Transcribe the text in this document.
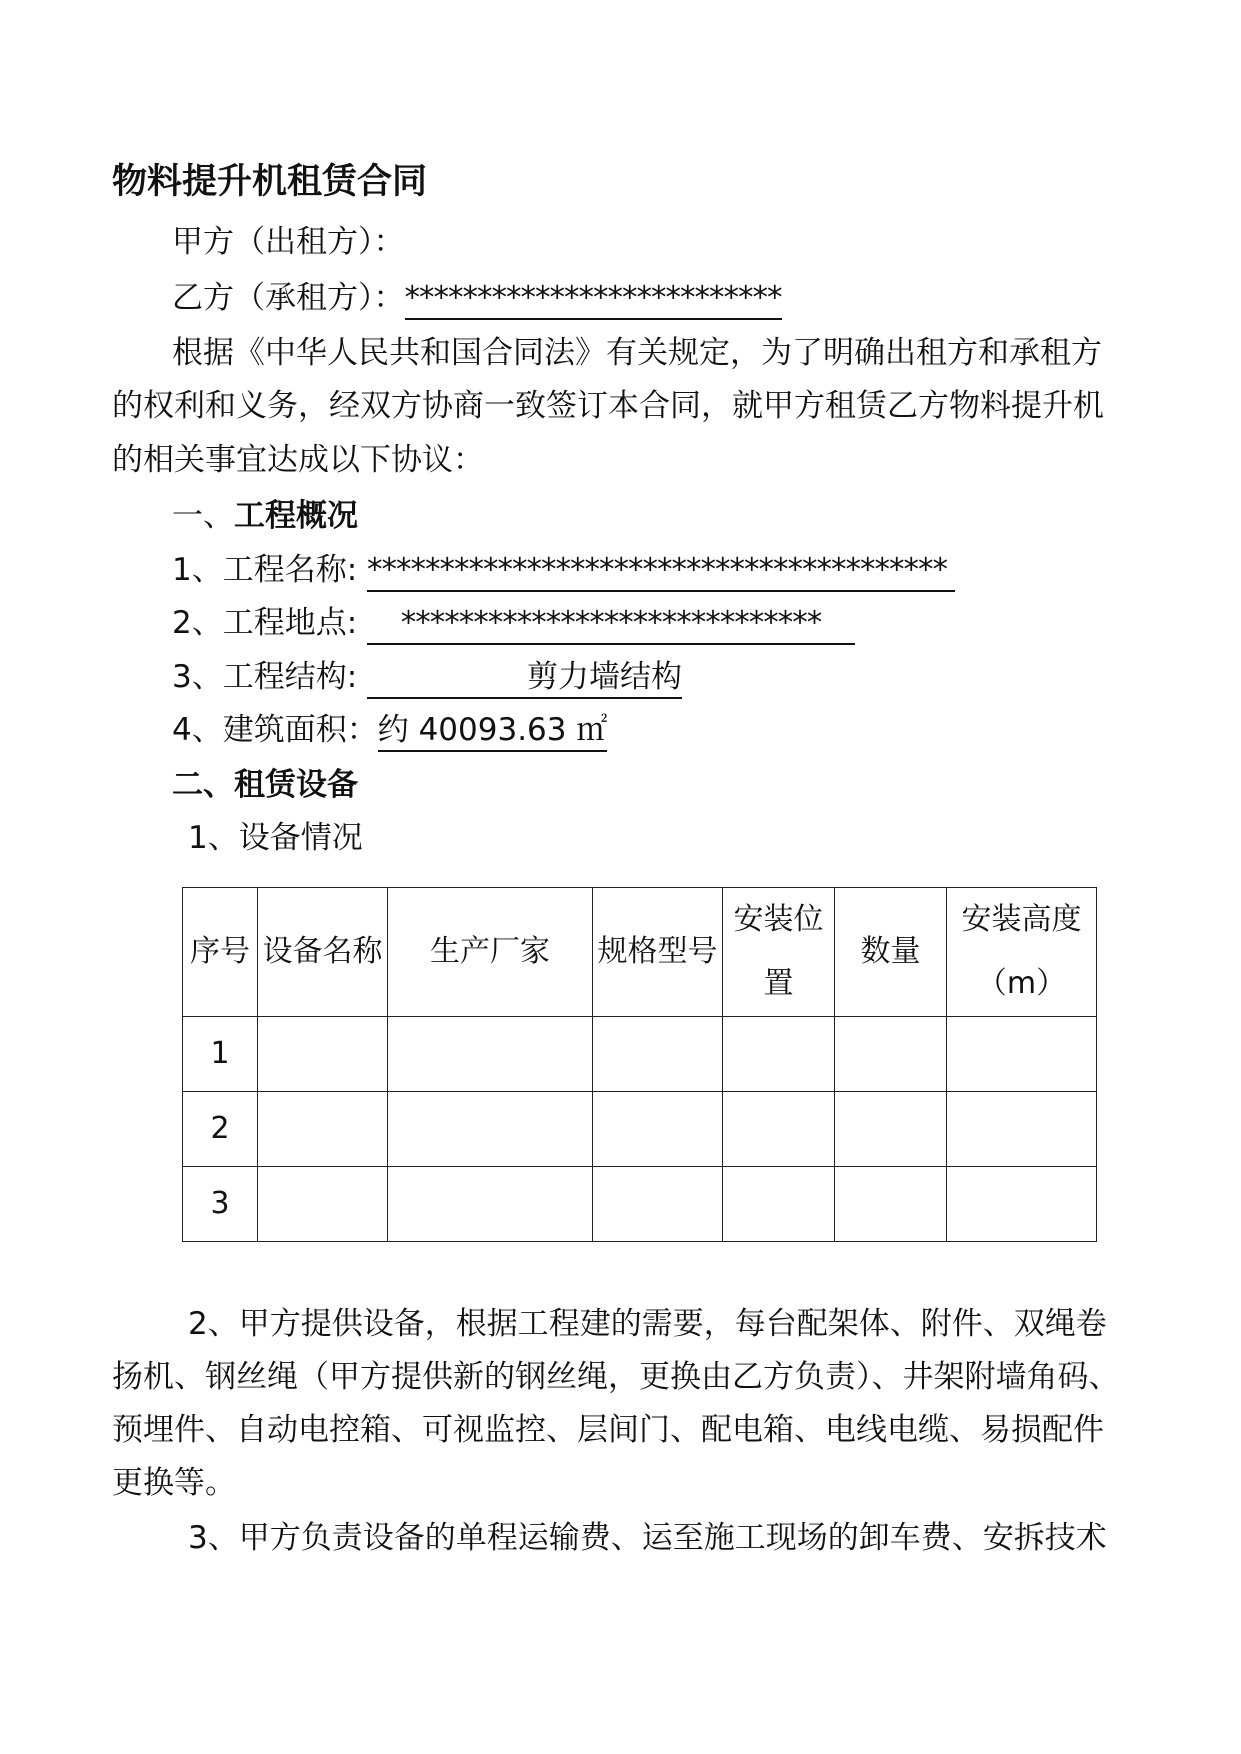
物料提升机租赁合同
甲方（出租方）：
乙方（承租方）：**************************
根据《中华人民共和国合同法》有关规定，为了明确出租方和承租方
的权利和义务，经双方协商一致签订本合同，就甲方租赁乙方物料提升机
的相关事宜达成以下协议：
一、工程概况
1、工程名称: ****************************************
2、工程地点: *****************************
3、工程结构:	剪力墙结构
4、建筑面积：约 40093.63 ㎡
二、租赁设备
1、设备情况
序号	设备名称	生产厂家	规格型号	安装位置	数量	安装高度（m）
1						
2						
3						
2、甲方提供设备，根据工程建的需要，每台配架体、附件、双绳卷
扬机、钢丝绳（甲方提供新的钢丝绳，更换由乙方负责）、井架附墙角码、
预埋件、自动电控箱、可视监控、层间门、配电箱、电线电缆、易损配件
更换等。
3、甲方负责设备的单程运输费、运至施工现场的卸车费、安拆技术
